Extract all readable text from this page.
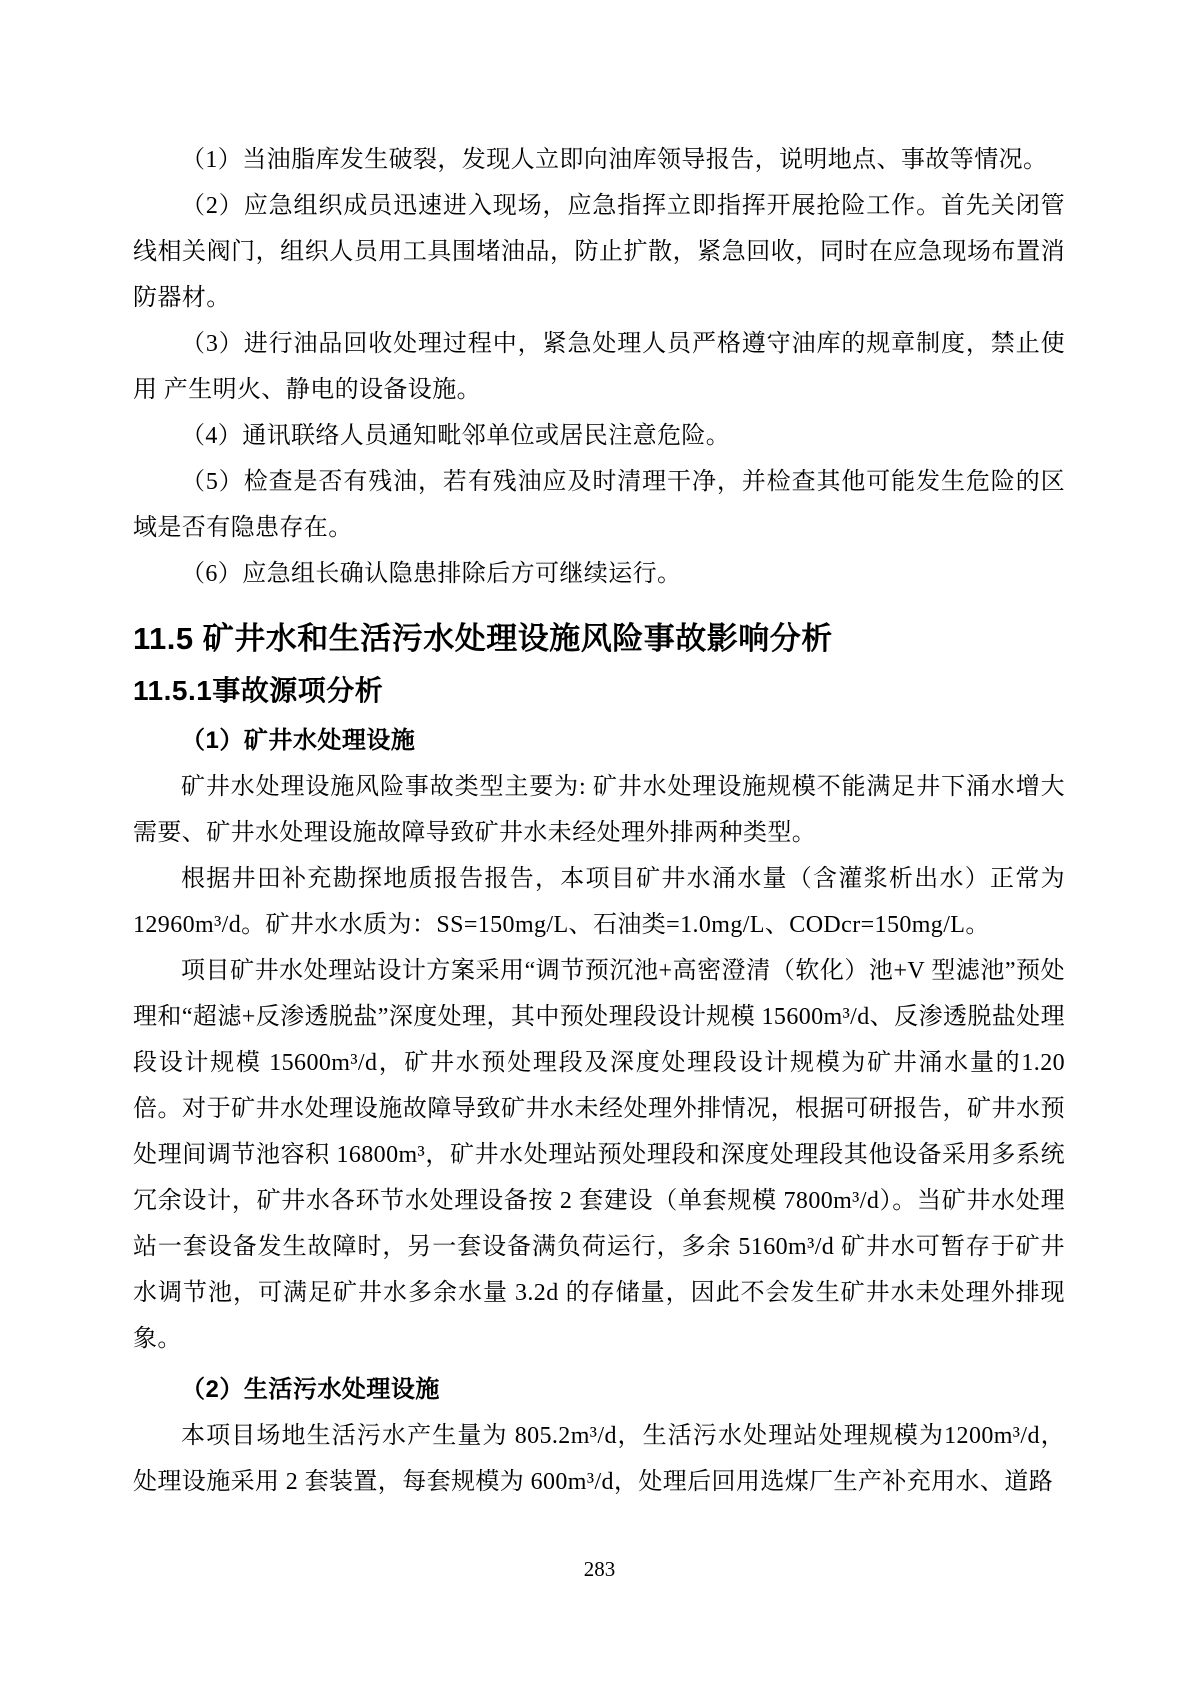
（1）当油脂库发生破裂，发现人立即向油库领导报告，说明地点、事故等情况。

（2）应急组织成员迅速进入现场，应急指挥立即指挥开展抢险工作。首先关闭管线相关阀门，组织人员用工具围堵油品，防止扩散，紧急回收，同时在应急现场布置消防器材。

（3）进行油品回收处理过程中，紧急处理人员严格遵守油库的规章制度，禁止使用 产生明火、静电的设备设施。

（4）通讯联络人员通知毗邻单位或居民注意危险。

（5）检查是否有残油，若有残油应及时清理干净，并检查其他可能发生危险的区域是否有隐患存在。

（6）应急组长确认隐患排除后方可继续运行。

11.5 矿井水和生活污水处理设施风险事故影响分析
11.5.1事故源项分析
（1）矿井水处理设施

矿井水处理设施风险事故类型主要为: 矿井水处理设施规模不能满足井下涌水增大需要、矿井水处理设施故障导致矿井水未经处理外排两种类型。

根据井田补充勘探地质报告报告，本项目矿井水涌水量（含灌浆析出水）正常为12960m³/d。矿井水水质为：SS=150mg/L、石油类=1.0mg/L、CODcr=150mg/L。

项目矿井水处理站设计方案采用“调节预沉池+高密澄清（软化）池+V 型滤池”预处理和“超滤+反渗透脱盐”深度处理，其中预处理段设计规模 15600m³/d、反渗透脱盐处理段设计规模 15600m³/d，矿井水预处理段及深度处理段设计规模为矿井涌水量的1.20 倍。对于矿井水处理设施故障导致矿井水未经处理外排情况，根据可研报告，矿井水预处理间调节池容积 16800m³，矿井水处理站预处理段和深度处理段其他设备采用多系统冗余设计，矿井水各环节水处理设备按 2 套建设（单套规模 7800m³/d）。当矿井水处理站一套设备发生故障时，另一套设备满负荷运行，多余 5160m³/d 矿井水可暂存于矿井水调节池，可满足矿井水多余水量 3.2d 的存储量，因此不会发生矿井水未处理外排现象。

（2）生活污水处理设施

本项目场地生活污水产生量为 805.2m³/d，生活污水处理站处理规模为1200m³/d，处理设施采用 2 套装置，每套规模为 600m³/d，处理后回用选煤厂生产补充用水、道路

283
